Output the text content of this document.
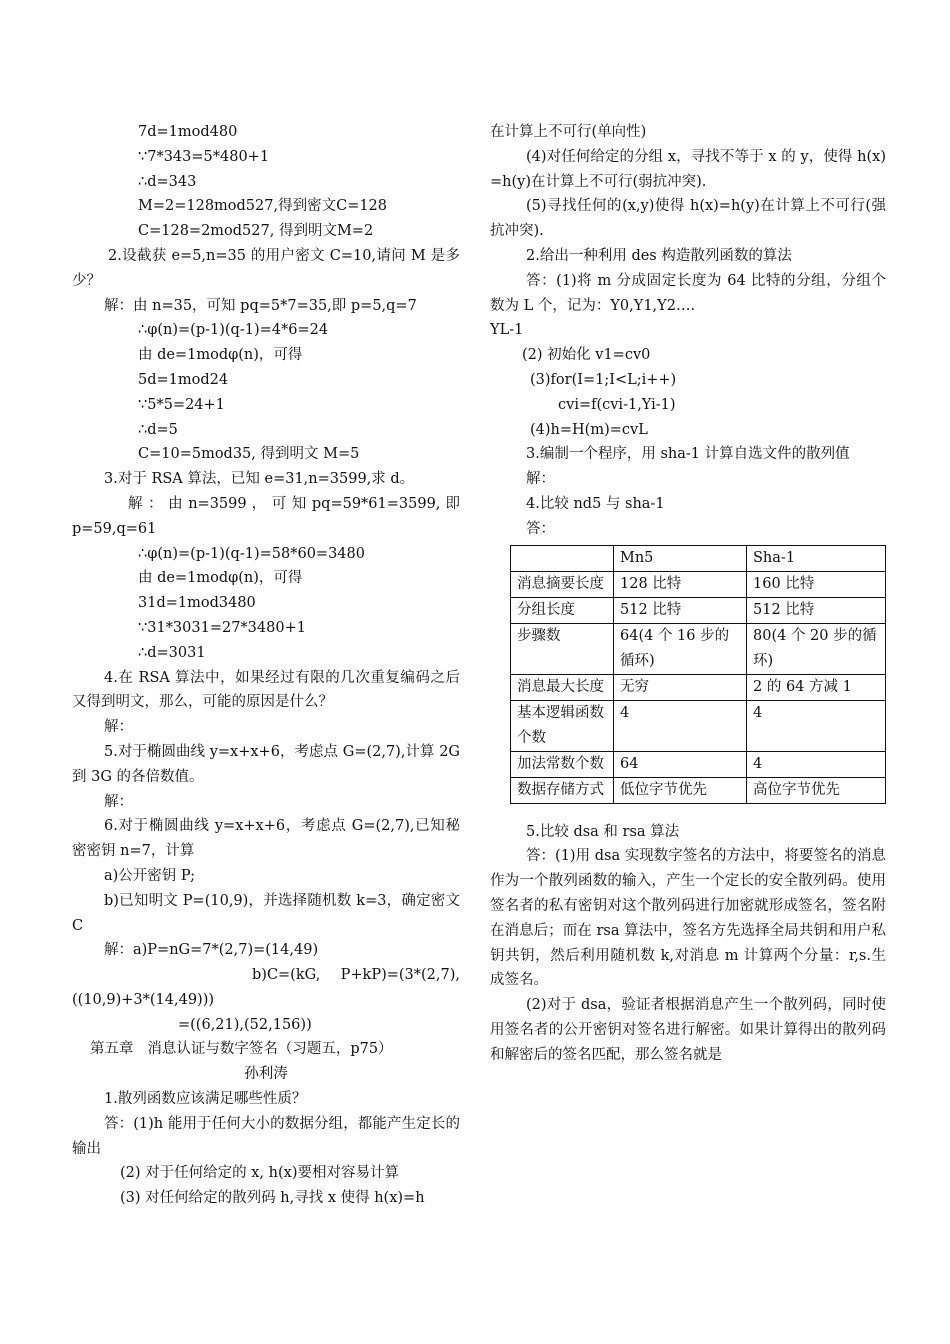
7d=1mod480
∵7*343=5*480+1
∴d=343
M=2=128mod527,得到密文C=128
C=128=2mod527, 得到明文M=2

2.设截获 e=5,n=35 的用户密文 C=10,请问 M 是多少？

解：由 n=35，可知 pq=5*7=35,即 p=5,q=7
∴φ(n)=(p-1)(q-1)=4*6=24
由 de=1modφ(n)，可得
5d=1mod24
∵5*5=24+1
∴d=5
C=10=5mod35, 得到明文 M=5

3.对于 RSA 算法，已知 e=31,n=3599,求 d。

解 ： 由 n=3599 ， 可 知 pq=59*61=3599, 即 p=59,q=61

∴φ(n)=(p-1)(q-1)=58*60=3480
由 de=1modφ(n)，可得
31d=1mod3480
∵31*3031=27*3480+1
∴d=3031

4.在 RSA 算法中，如果经过有限的几次重复编码之后又得到明文，那么，可能的原因是什么？

解：

5.对于椭圆曲线 y=x+x+6，考虑点 G=(2,7),计算 2G 到 3G 的各倍数值。

解：

6.对于椭圆曲线 y=x+x+6，考虑点 G=(2,7),已知秘密密钥 n=7，计算

a)公开密钥 P;

b)已知明文 P=(10,9)，并选择随机数 k=3，确定密文 C

解：a)P=nG=7*(2,7)=(14,49)

b)C=(kG, P+kP)=(3*(2,7), ((10,9)+3*(14,49)))

=((6,21),(52,156))
第五章   消息认证与数字签名（习题五，p75）
孙利涛

1.散列函数应该满足哪些性质？

答：(1)h 能用于任何大小的数据分组，都能产生定长的输出

(2) 对于任何给定的 x, h(x)要相对容易计算
(3) 对任何给定的散列码 h,寻找 x 使得 h(x)=h
在计算上不可行(单向性)

(4)对任何给定的分组 x，寻找不等于 x 的 y，使得 h(x)=h(y)在计算上不可行(弱抗冲突).

(5)寻找任何的(x,y)使得 h(x)=h(y)在计算上不可行(强抗冲突).

2.给出一种利用 des 构造散列函数的算法

答：(1)将 m 分成固定长度为 64 比特的分组，分组个数为 L 个，记为：Y0,Y1,Y2….

YL-1
(2) 初始化 v1=cv0
(3)for(I=1;I<L;i++)
cvi=f(cvi-1,Yi-1)
(4)h=H(m)=cvL

3.编制一个程序，用 sha-1 计算自选文件的散列值

解：
4.比较 nd5 与 sha-1
答：
	Mn5	Sha-1
消息摘要长度	128 比特	160 比特
分组长度	512 比特	512 比特
步骤数	64(4 个 16 步的循环)	80(4 个 20 步的循环)
消息最大长度	无穷	2 的 64 方减 1
基本逻辑函数个数	4	4
加法常数个数	64	4
数据存储方式	低位字节优先	高位字节优先
5.比较 dsa 和 rsa 算法

答：(1)用 dsa 实现数字签名的方法中，将要签名的消息作为一个散列函数的输入，产生一个定长的安全散列码。使用签名者的私有密钥对这个散列码进行加密就形成签名，签名附在消息后；而在 rsa 算法中，签名方先选择全局共钥和用户私钥共钥，然后利用随机数 k,对消息 m 计算两个分量：r,s.生成签名。

(2)对于 dsa，验证者根据消息产生一个散列码，同时使用签名者的公开密钥对签名进行解密。如果计算得出的散列码和解密后的签名匹配，那么签名就是
